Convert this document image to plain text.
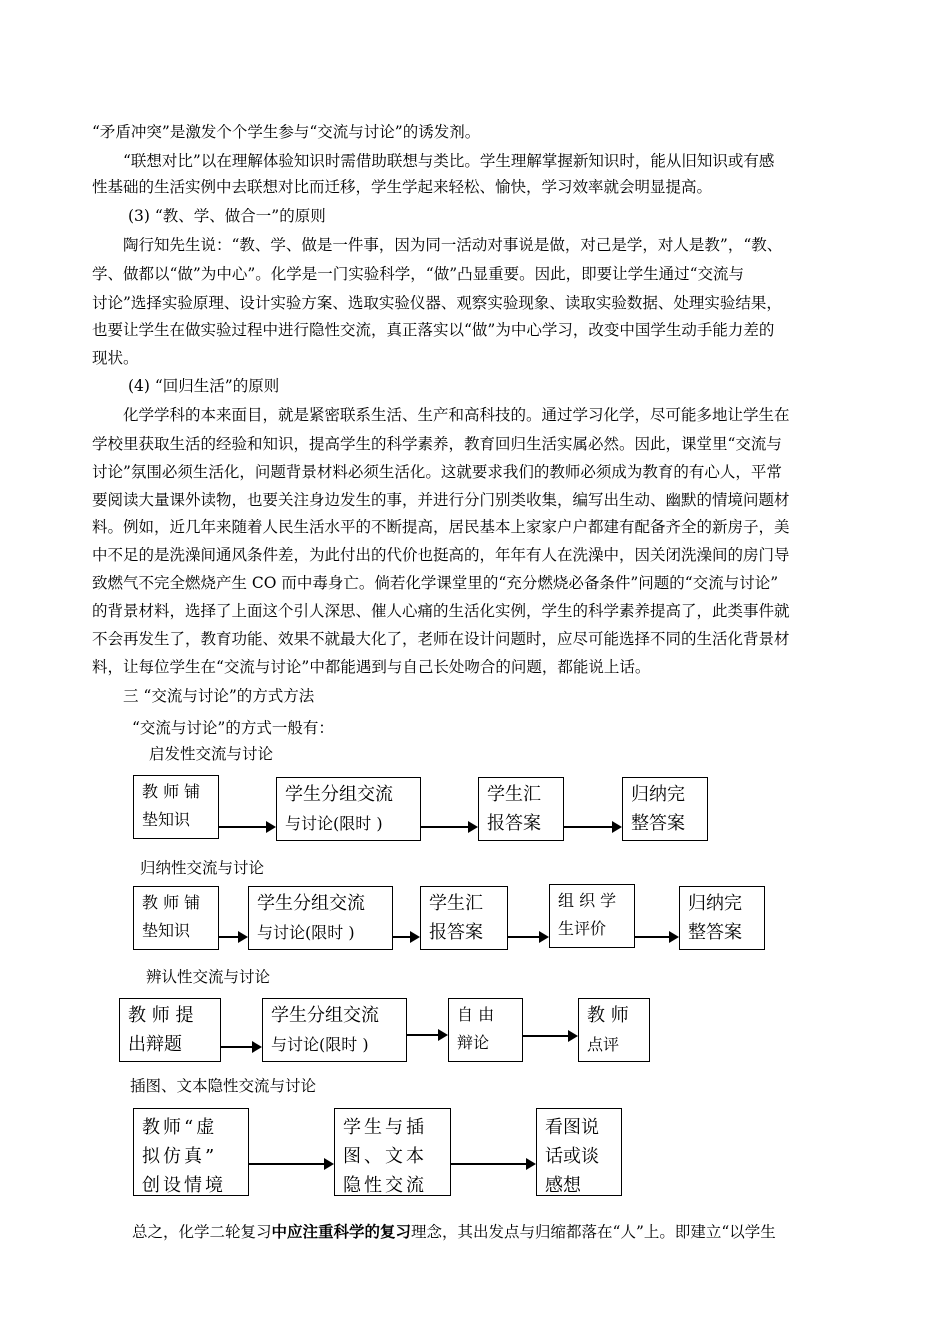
“矛盾冲突”是激发个个学生参与“交流与讨论”的诱发剂。
“联想对比”以在理解体验知识时需借助联想与类比。学生理解掌握新知识时，能从旧知识或有感
性基础的生活实例中去联想对比而迁移，学生学起来轻松、愉快，学习效率就会明显提高。
(3) “教、学、做合一”的原则
陶行知先生说：“教、学、做是一件事，因为同一活动对事说是做，对己是学，对人是教”，“教、
学、做都以“做”为中心”。化学是一门实验科学，“做”凸显重要。因此，即要让学生通过“交流与
讨论”选择实验原理、设计实验方案、选取实验仪器、观察实验现象、读取实验数据、处理实验结果，
也要让学生在做实验过程中进行隐性交流，真正落实以“做”为中心学习，改变中国学生动手能力差的
现状。
(4) “回归生活”的原则
化学学科的本来面目，就是紧密联系生活、生产和高科技的。通过学习化学，尽可能多地让学生在
学校里获取生活的经验和知识，提高学生的科学素养，教育回归生活实属必然。因此，课堂里“交流与
讨论”氛围必须生活化，问题背景材料必须生活化。这就要求我们的教师必须成为教育的有心人，平常
要阅读大量课外读物，也要关注身边发生的事，并进行分门别类收集，编写出生动、幽默的情境问题材
料。例如，近几年来随着人民生活水平的不断提高，居民基本上家家户户都建有配备齐全的新房子，美
中不足的是洗澡间通风条件差，为此付出的代价也挺高的，年年有人在洗澡中，因关闭洗澡间的房门导
致燃气不完全燃烧产生 CO 而中毒身亡。倘若化学课堂里的“充分燃烧必备条件”问题的“交流与讨论”
的背景材料，选择了上面这个引人深思、催人心痛的生活化实例，学生的科学素养提高了，此类事件就
不会再发生了，教育功能、效果不就最大化了，老师在设计问题时，应尽可能选择不同的生活化背景材
料，让每位学生在“交流与讨论”中都能遇到与自己长处吻合的问题，都能说上话。
三 “交流与讨论”的方式方法
“交流与讨论”的方式一般有：
启发性交流与讨论
教 师 铺
垫知识
学生分组交流
与讨论(限时 )
学生汇
报答案
归纳完
整答案
归纳性交流与讨论
教 师 铺
垫知识
学生分组交流
与讨论(限时 )
学生汇
报答案
组 织 学
生评价
归纳完
整答案
辨认性交流与讨论
教 师 提
出辩题
学生分组交流
与讨论(限时 )
自 由
辩论
教 师
点评
插图、文本隐性交流与讨论
教师“虚
拟仿真”
创设情境
学生与插
图、文本
隐性交流
看图说
话或谈
感想
总之，化学二轮复习中应注重科学的复习理念，其出发点与归缩都落在“人”上。即建立“以学生
